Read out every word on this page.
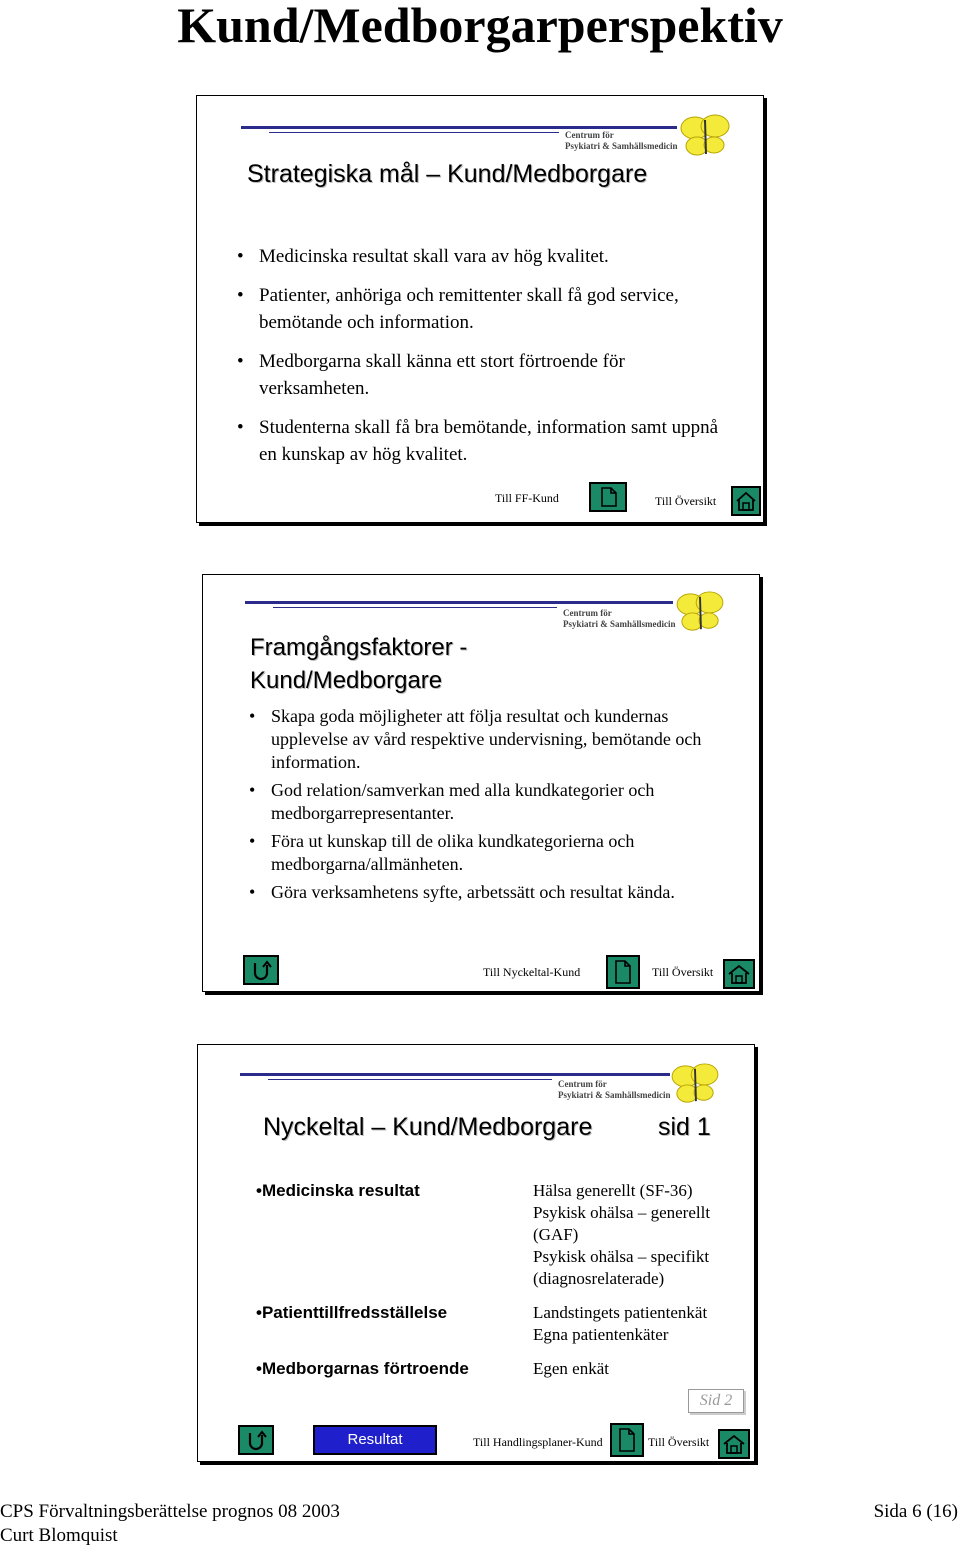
Kund/Medborgarperspektiv
Centrum för
Psykiatri & Samhällsmedicin
Strategiska mål – Kund/Medborgare
• Medicinska resultat skall vara av hög kvalitet.
• Patienter, anhöriga och remittenter skall få god service, bemötande och information.
• Medborgarna skall känna ett stort förtroende för verksamheten.
• Studenterna skall få bra bemötande, information samt uppnå en kunskap av hög kvalitet.
Till FF-Kund	Till Översikt
Centrum för
Psykiatri & Samhällsmedicin
Framgångsfaktorer -
Kund/Medborgare
• Skapa goda möjligheter att följa resultat och kundernas upplevelse av vård respektive undervisning, bemötande och information.
• God relation/samverkan med alla kundkategorier och medborgarrepresentanter.
• Föra ut kunskap till de olika kundkategorierna och medborgarna/allmänheten.
• Göra verksamhetens syfte, arbetssätt och resultat kända.
Till Nyckeltal-Kund	Till Översikt
Centrum för
Psykiatri & Samhällsmedicin
Nyckeltal – Kund/Medborgare	sid 1
•Medicinska resultat	Hälsa generellt (SF-36)
Psykisk ohälsa – generellt
(GAF)
Psykisk ohälsa – specifikt
(diagnosrelaterade)
•Patienttillfredsställelse	Landstingets patientenkät
Egna patientenkäter
•Medborgarnas förtroende	Egen enkät
Sid 2
Resultat	Till Handlingsplaner-Kund	Till Översikt
CPS Förvaltningsberättelse prognos 08 2003
Curt Blomquist
Sida 6 (16)
